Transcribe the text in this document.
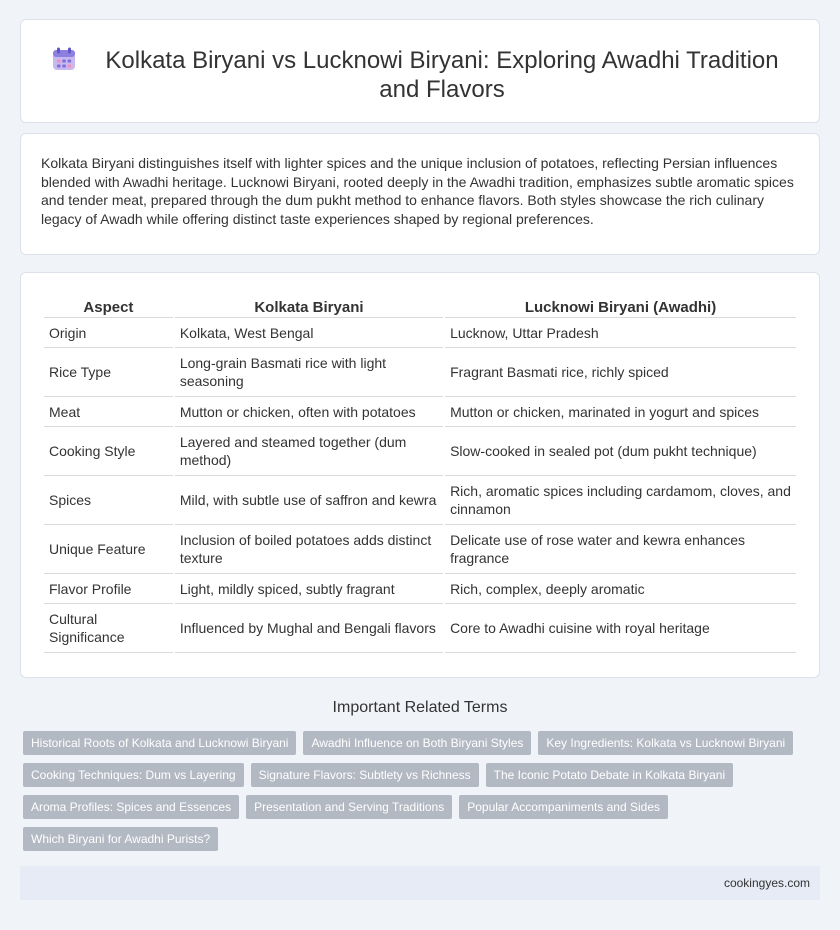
Kolkata Biryani vs Lucknowi Biryani: Exploring Awadhi Tradition and Flavors

Kolkata Biryani distinguishes itself with lighter spices and the unique inclusion of potatoes, reflecting Persian influences blended with Awadhi heritage. Lucknowi Biryani, rooted deeply in the Awadhi tradition, emphasizes subtle aromatic spices and tender meat, prepared through the dum pukht method to enhance flavors. Both styles showcase the rich culinary legacy of Awadh while offering distinct taste experiences shaped by regional preferences.

Aspect	Kolkata Biryani	Lucknowi Biryani (Awadhi)
Origin	Kolkata, West Bengal	Lucknow, Uttar Pradesh
Rice Type	Long-grain Basmati rice with light seasoning	Fragrant Basmati rice, richly spiced
Meat	Mutton or chicken, often with potatoes	Mutton or chicken, marinated in yogurt and spices
Cooking Style	Layered and steamed together (dum method)	Slow-cooked in sealed pot (dum pukht technique)
Spices	Mild, with subtle use of saffron and kewra	Rich, aromatic spices including cardamom, cloves, and cinnamon
Unique Feature	Inclusion of boiled potatoes adds distinct texture	Delicate use of rose water and kewra enhances fragrance
Flavor Profile	Light, mildly spiced, subtly fragrant	Rich, complex, deeply aromatic
Cultural Significance	Influenced by Mughal and Bengali flavors	Core to Awadhi cuisine with royal heritage
Important Related Terms
Historical Roots of Kolkata and Lucknowi Biryani	Awadhi Influence on Both Biryani Styles	Key Ingredients: Kolkata vs Lucknowi Biryani
Cooking Techniques: Dum vs Layering	Signature Flavors: Subtlety vs Richness	The Iconic Potato Debate in Kolkata Biryani
Aroma Profiles: Spices and Essences	Presentation and Serving Traditions	Popular Accompaniments and Sides
Which Biryani for Awadhi Purists?
cookingyes.com
